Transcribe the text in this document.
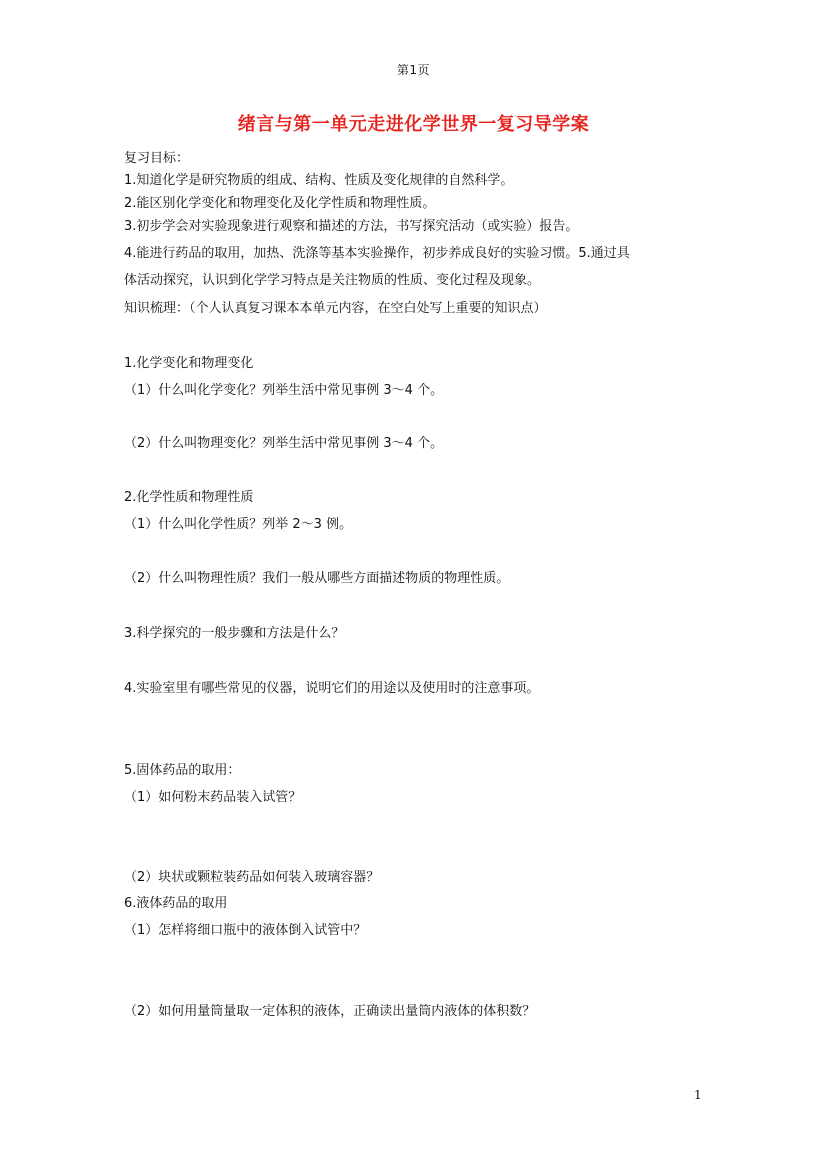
第1页
绪言与第一单元走进化学世界一复习导学案
复习目标：
1.知道化学是研究物质的组成、结构、性质及变化规律的自然科学。
2.能区别化学变化和物理变化及化学性质和物理性质。
3.初步学会对实验现象进行观察和描述的方法，书写探究活动（或实验）报告。
4.能进行药品的取用，加热、洗涤等基本实验操作，初步养成良好的实验习惯。5.通过具
体活动探究，认识到化学学习特点是关注物质的性质、变化过程及现象。
知识梳理：（个人认真复习课本本单元内容，在空白处写上重要的知识点）
1.化学变化和物理变化
（1）什么叫化学变化？列举生活中常见事例 3～4 个。
（2）什么叫物理变化？列举生活中常见事例 3～4 个。
2.化学性质和物理性质
（1）什么叫化学性质？列举 2～3 例。
（2）什么叫物理性质？我们一般从哪些方面描述物质的物理性质。
3.科学探究的一般步骤和方法是什么？
4.实验室里有哪些常见的仪器，说明它们的用途以及使用时的注意事项。
5.固体药品的取用：
（1）如何粉末药品装入试管？
（2）块状或颗粒装药品如何装入玻璃容器？
6.液体药品的取用
（1）怎样将细口瓶中的液体倒入试管中？
（2）如何用量筒量取一定体积的液体，正确读出量筒内液体的体积数？
1
